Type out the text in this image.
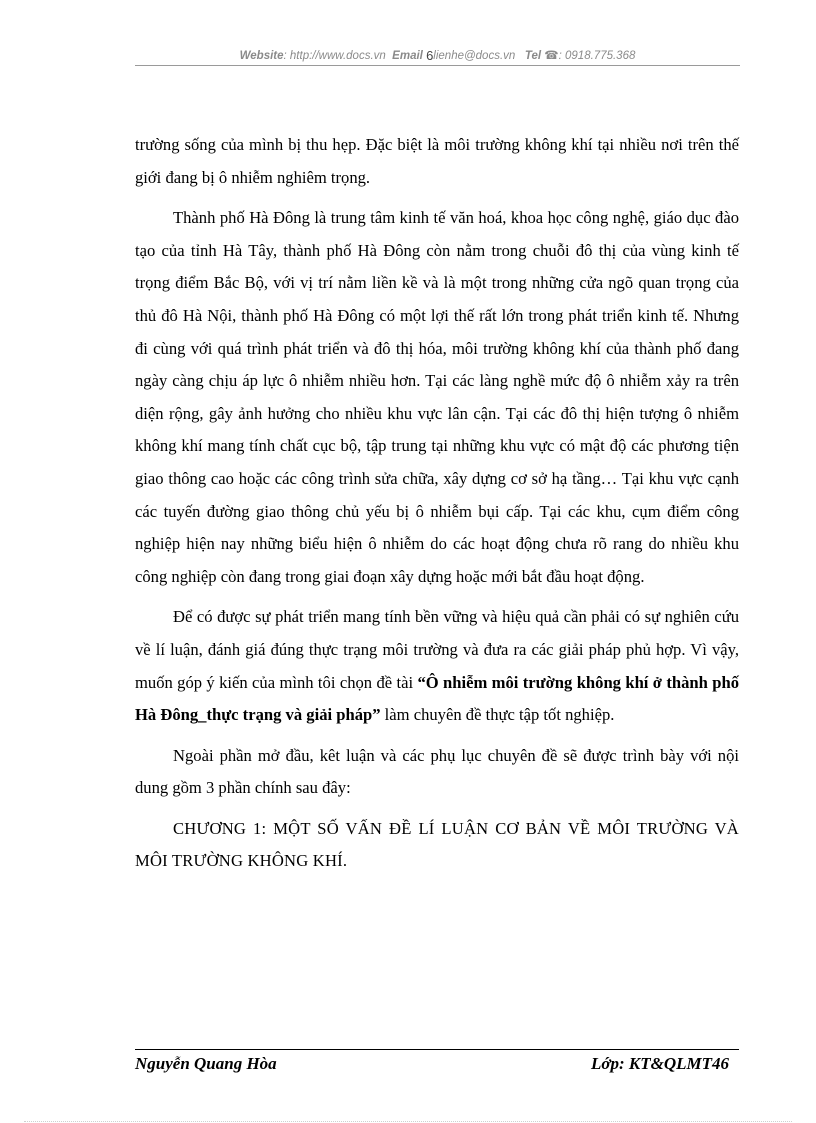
Website: http://www.docs.vn Email 6lienhe@docs.vn Tel ☎: 0918.775.368

trường sống của mình bị thu hẹp. Đặc biệt là môi trường không khí tại nhiều nơi trên thế giới đang bị ô nhiễm nghiêm trọng.

Thành phố Hà Đông là trung tâm kinh tế văn hoá, khoa học công nghệ, giáo dục đào tạo của tỉnh Hà Tây, thành phố Hà Đông còn nằm trong chuỗi đô thị của vùng kinh tế trọng điểm Bắc Bộ, với vị trí nằm liền kề và là một trong những cửa ngõ quan trọng của thủ đô Hà Nội, thành phố Hà Đông có một lợi thế rất lớn trong phát triển kinh tế. Nhưng đi cùng với quá trình phát triển và đô thị hóa, môi trường không khí của thành phố đang ngày càng chịu áp lực ô nhiễm nhiều hơn. Tại các làng nghề mức độ ô nhiễm xảy ra trên diện rộng, gây ảnh hưởng cho nhiều khu vực lân cận. Tại các đô thị hiện tượng ô nhiễm không khí mang tính chất cục bộ, tập trung tại những khu vực có mật độ các phương tiện giao thông cao hoặc các công trình sửa chữa, xây dựng cơ sở hạ tầng… Tại khu vực cạnh các tuyến đường giao thông chủ yếu bị ô nhiễm bụi cấp. Tại các khu, cụm điểm công nghiệp hiện nay những biểu hiện ô nhiễm do các hoạt động chưa rõ rang do nhiều khu công nghiệp còn đang trong giai đoạn xây dựng hoặc mới bắt đầu hoạt động.

Để có được sự phát triển mang tính bền vững và hiệu quả cần phải có sự nghiên cứu về lí luận, đánh giá đúng thực trạng môi trường và đưa ra các giải pháp phủ hợp. Vì vậy, muốn góp ý kiến của mình tôi chọn đề tài “Ô nhiễm môi trường không khí ở thành phố Hà Đông_thực trạng và giải pháp” làm chuyên đề thực tập tốt nghiệp.

Ngoài phần mở đầu, kêt luận và các phụ lục chuyên đề sẽ được trình bày với nội dung gồm 3 phần chính sau đây:

CHƯƠNG 1: MỘT SỐ VẤN ĐỀ LÍ LUẬN CƠ BẢN VỀ MÔI TRƯỜNG VÀ MÔI TRƯỜNG KHÔNG KHÍ.

Nguyễn Quang Hòa	Lớp: KT&QLMT46
